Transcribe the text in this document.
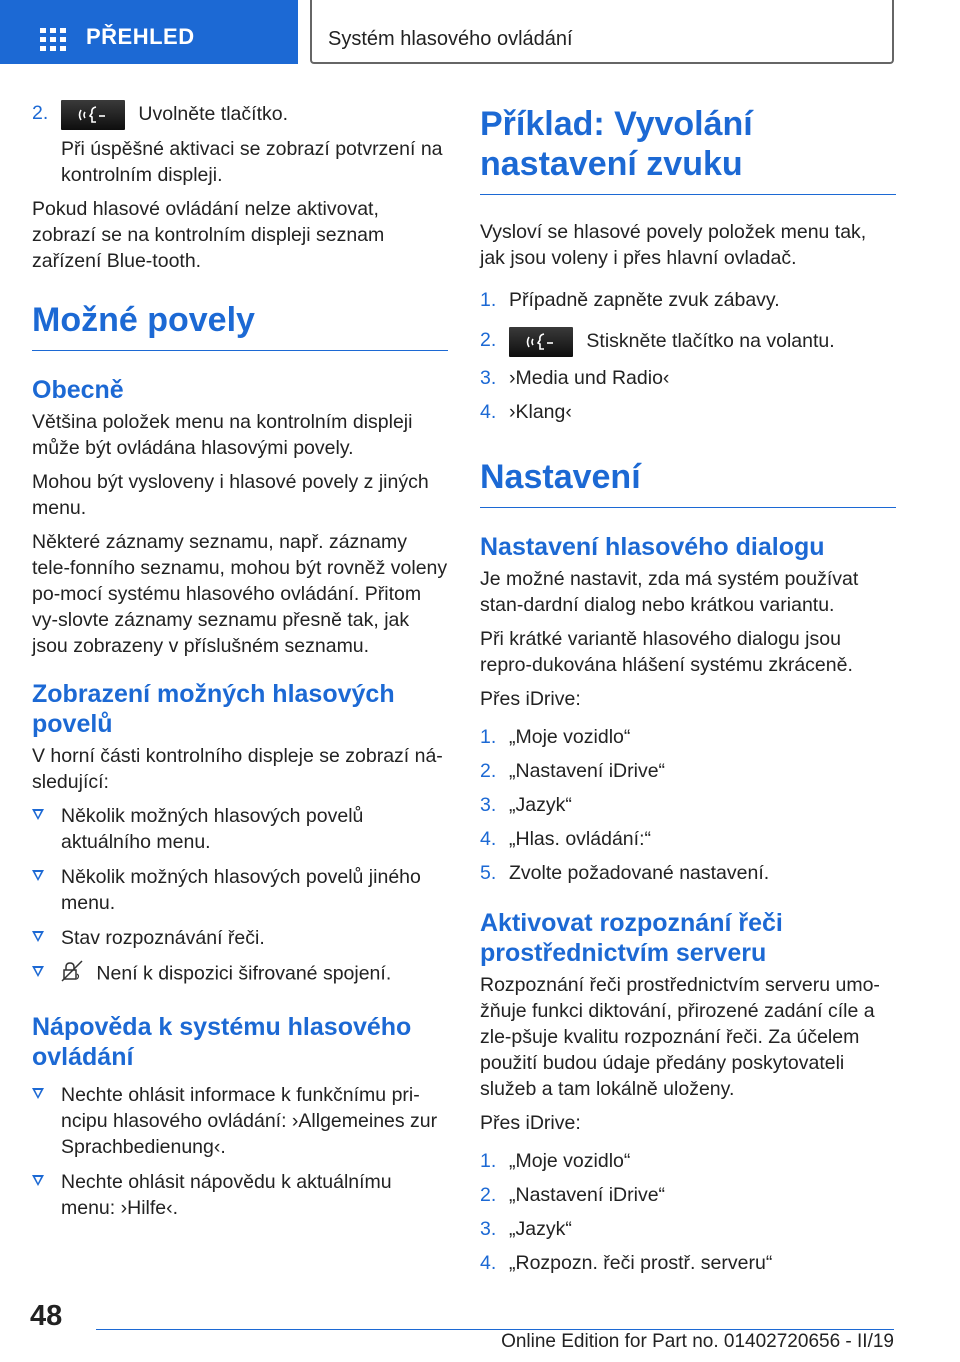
PŘEHLED	Systém hlasového ovládání
2.	Uvolněte tlačítko.
Při úspěšné aktivaci se zobrazí potvrzení na kontrolním displeji.

Pokud hlasové ovládání nelze aktivovat, zobrazí se na kontrolním displeji seznam zařízení Blue-tooth.

Možné povely
Obecně

Většina položek menu na kontrolním displeji může být ovládána hlasovými povely.

Mohou být vysloveny i hlasové povely z jiných menu.

Některé záznamy seznamu, např. záznamy tele-fonního seznamu, mohou být rovněž voleny po-mocí systému hlasového ovládání. Přitom vy-slovte záznamy seznamu přesně tak, jak jsou zobrazeny v příslušném seznamu.

Zobrazení možných hlasových povelů

V horní části kontrolního displeje se zobrazí ná-sledující:

Několik možných hlasových povelů aktuálního menu.
Několik možných hlasových povelů jiného menu.
Stav rozpoznávání řeči.
Není k dispozici šifrované spojení.
Nápověda k systému hlasového ovládání
Nechte ohlásit informace k funkčnímu pri-ncipu hlasového ovládání: ›Allgemeines zur Sprachbedienung‹.
Nechte ohlásit nápovědu k aktuálnímu menu: ›Hilfe‹.
Příklad: Vyvolání nastavení zvuku

Vysloví se hlasové povely položek menu tak, jak jsou voleny i přes hlavní ovladač.

1. Případně zapněte zvuk zábavy.
2.	Stiskněte tlačítko na volantu.
3. ›Media und Radio‹
4. ›Klang‹
Nastavení
Nastavení hlasového dialogu

Je možné nastavit, zda má systém používat stan-dardní dialog nebo krátkou variantu.

Při krátké variantě hlasového dialogu jsou repro-dukována hlášení systému zkráceně.

Přes iDrive:

1. „Moje vozidlo“
2. „Nastavení iDrive“
3. „Jazyk“
4. „Hlas. ovládání:“
5. Zvolte požadované nastavení.
Aktivovat rozpoznání řeči prostřednictvím serveru

Rozpoznání řeči prostřednictvím serveru umo-žňuje funkci diktování, přirozené zadání cíle a zle-pšuje kvalitu rozpoznání řeči. Za účelem použití budou údaje předány poskytovateli služeb a tam lokálně uloženy.

Přes iDrive:

1. „Moje vozidlo“
2. „Nastavení iDrive“
3. „Jazyk“
4. „Rozpozn. řeči prostř. serveru“
48
Online Edition for Part no. 01402720656 - II/19
